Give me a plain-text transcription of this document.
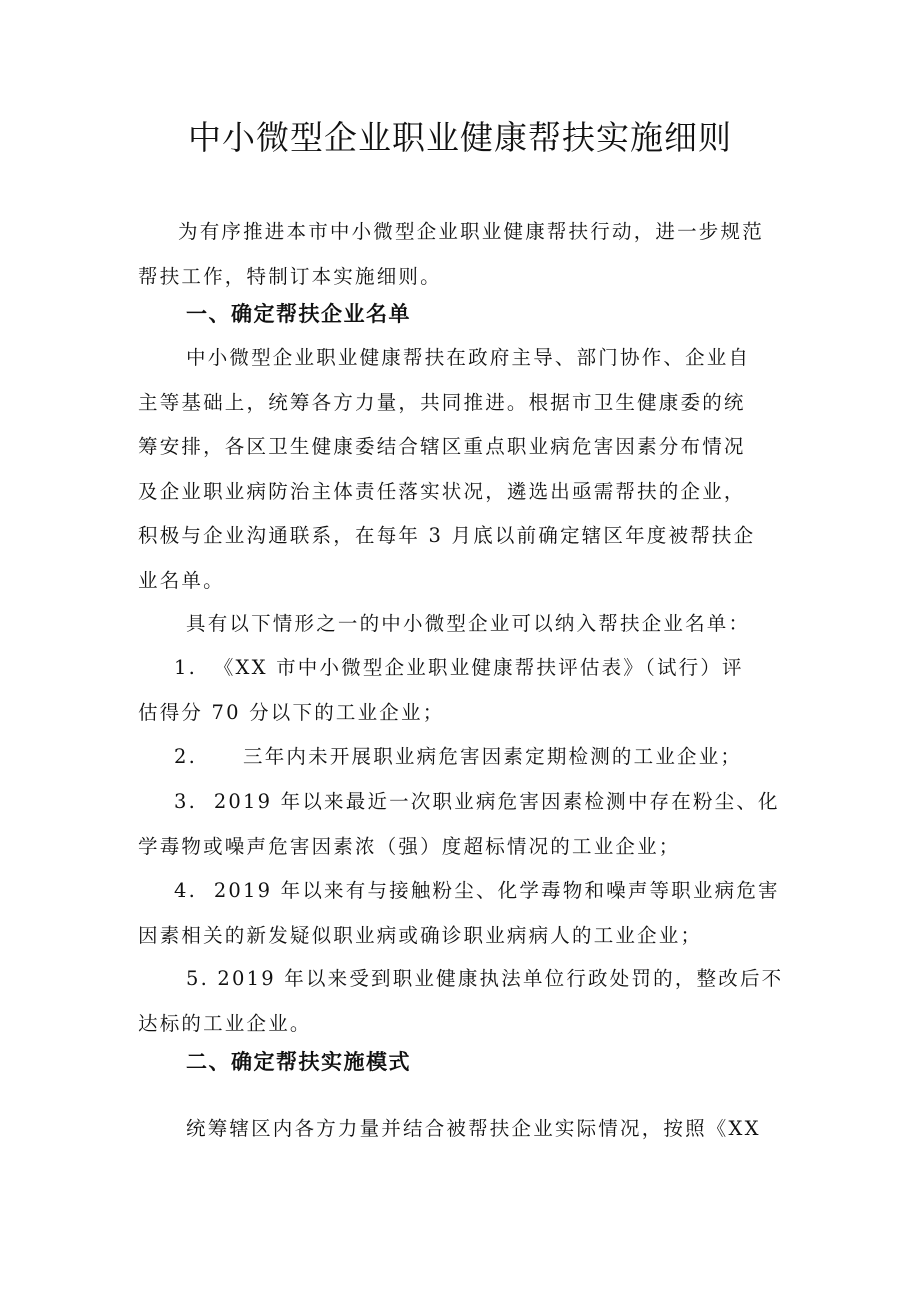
中小微型企业职业健康帮扶实施细则
为有序推进本市中小微型企业职业健康帮扶行动，进一步规范
帮扶工作，特制订本实施细则。
一、确定帮扶企业名单
中小微型企业职业健康帮扶在政府主导、部门协作、企业自
主等基础上，统筹各方力量，共同推进。根据市卫生健康委的统
筹安排，各区卫生健康委结合辖区重点职业病危害因素分布情况
及企业职业病防治主体责任落实状况，遴选出亟需帮扶的企业，
积极与企业沟通联系，在每年 3 月底以前确定辖区年度被帮扶企
业名单。
具有以下情形之一的中小微型企业可以纳入帮扶企业名单：
1. 《XX 市中小微型企业职业健康帮扶评估表》（试行）评
估得分 70 分以下的工业企业；
2. 三年内未开展职业病危害因素定期检测的工业企业；
3. 2019 年以来最近一次职业病危害因素检测中存在粉尘、化
学毒物或噪声危害因素浓（强）度超标情况的工业企业；
4. 2019 年以来有与接触粉尘、化学毒物和噪声等职业病危害
因素相关的新发疑似职业病或确诊职业病病人的工业企业；
5. 2019 年以来受到职业健康执法单位行政处罚的，整改后不
达标的工业企业。
二、确定帮扶实施模式
统筹辖区内各方力量并结合被帮扶企业实际情况，按照《XX
